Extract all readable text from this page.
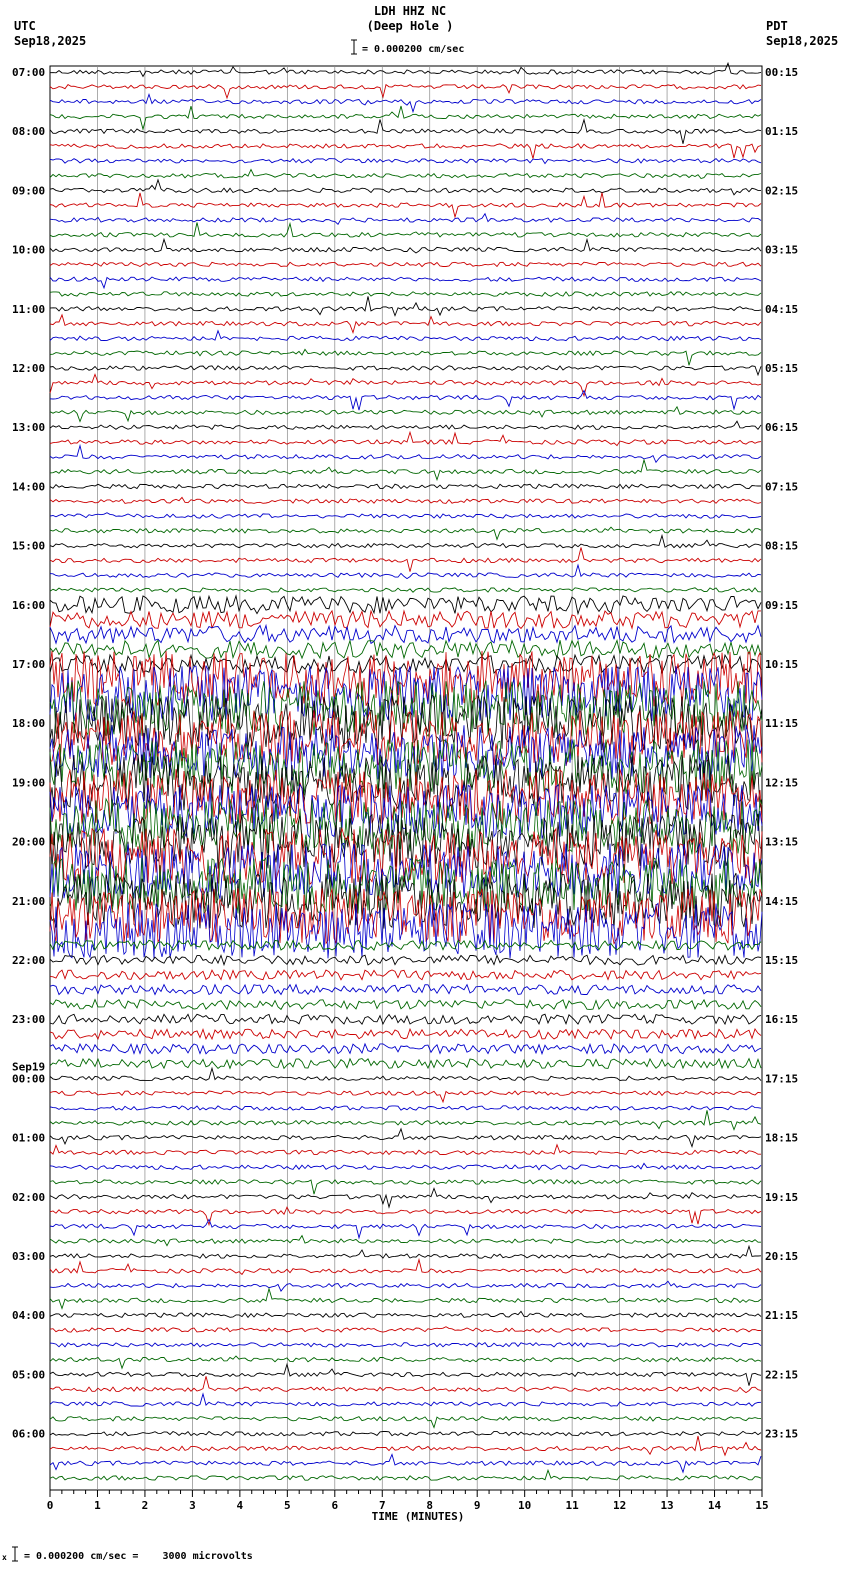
UTC
Sep18,2025
LDH HHZ NC
(Deep Hole )
= 0.000200 cm/sec
PDT
Sep18,2025
07:00
08:00
09:00
10:00
11:00
12:00
13:00
14:00
15:00
16:00
17:00
18:00
19:00
20:00
21:00
22:00
23:00
Sep19
00:00
01:00
02:00
03:00
04:00
05:00
06:00
00:15
01:15
02:15
03:15
04:15
05:15
06:15
07:15
08:15
09:15
10:15
11:15
12:15
13:15
14:15
15:15
16:15
17:15
18:15
19:15
20:15
21:15
22:15
23:15
0	1	2	3	4	5	6	7	8	9	10	11	12	13	14	15
TIME (MINUTES)
x = 0.000200 cm/sec =    3000 microvolts
